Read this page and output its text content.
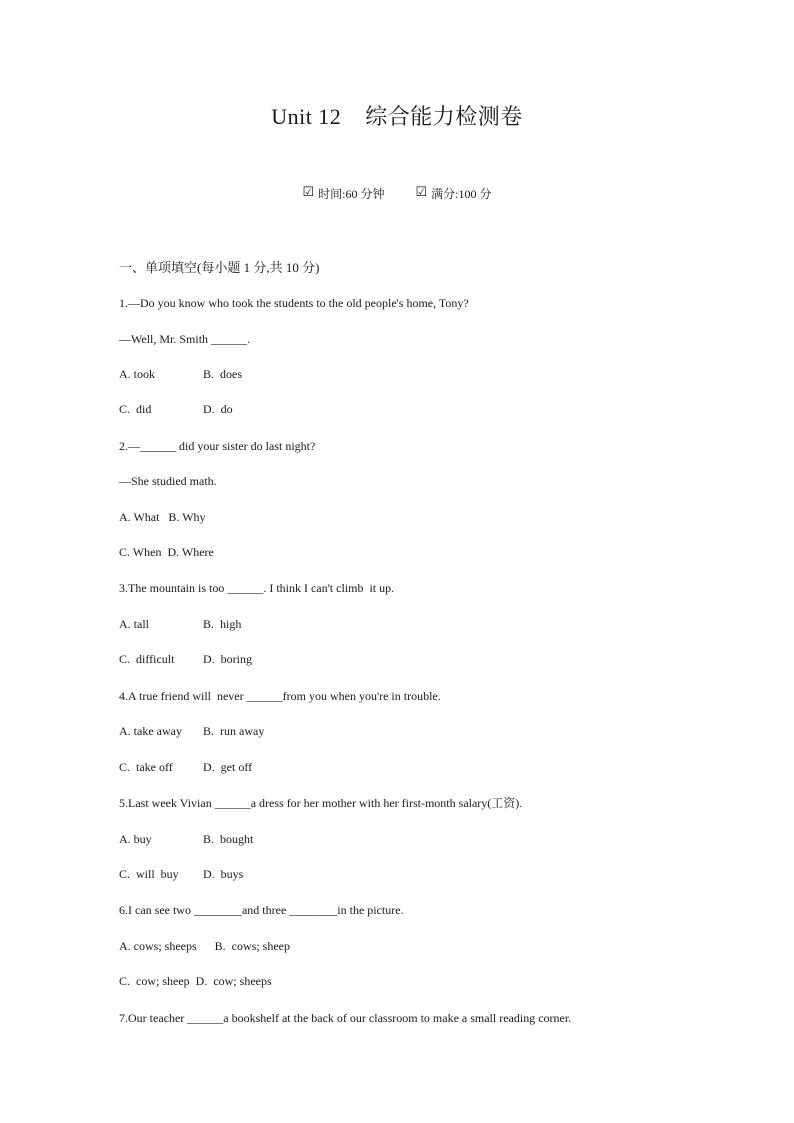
Unit 12    综合能力检测卷
☑ 时间:60 分钟 ☑ 满分:100 分
一、单项填空(每小题 1 分,共 10 分)
1.—Do you know who took the students to the old people's home, Tony?
—Well, Mr. Smith ______.
A. took	B.  does
C.  did	D.  do
2.—______ did your sister do last night?
—She studied math.
A. What   B. Why
C. When  D. Where
3.The mountain is too ______. I think I can't climb  it up.
A. tall	B.  high
C.  difficult D.  boring
4.A true friend will  never ______from you when you're in trouble.
A. take away B.  run away
C.  take off	D.  get off
5.Last week Vivian ______a dress for her mother with her first-month salary(工资).
A. buy	B.  bought
C.  will  buy D.  buys
6.I can see two ________and three ________in the picture.
A. cows; sheeps      B.  cows; sheep
C.  cow; sheep  D.  cow; sheeps
7.Our teacher ______a bookshelf at the back of our classroom to make a small reading corner.
